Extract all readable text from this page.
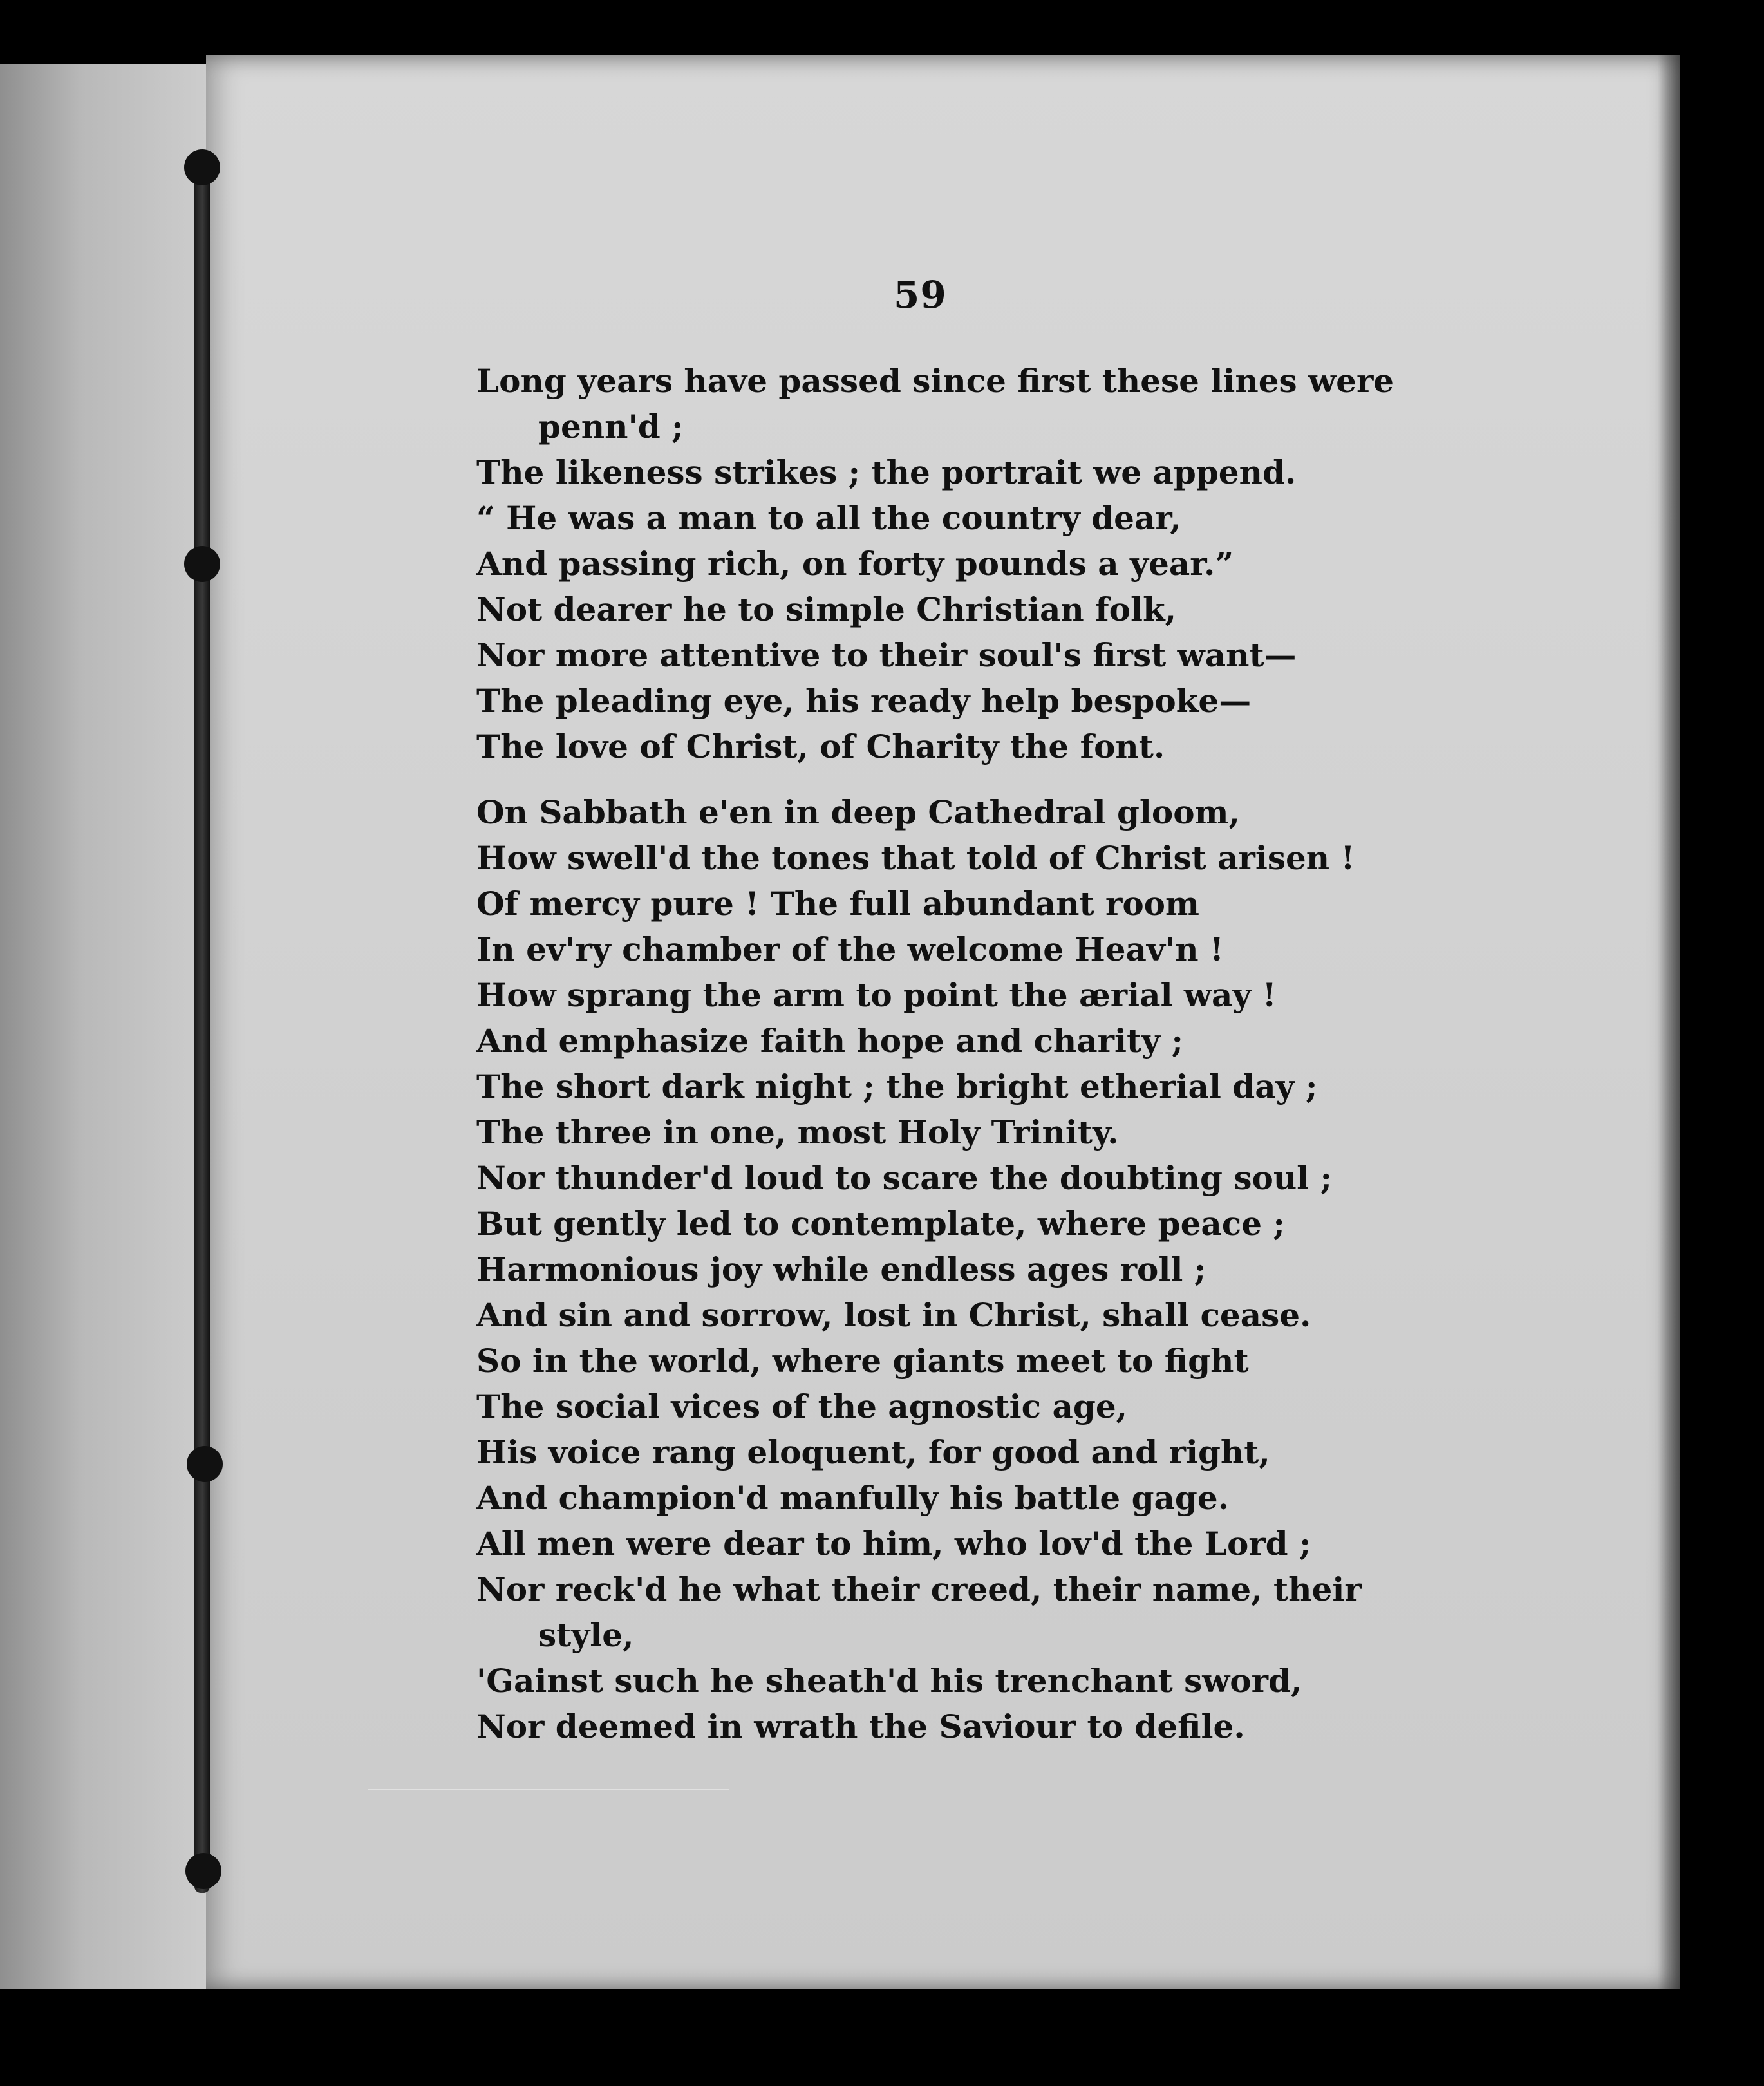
59
Long years have passed since first these lines were
penn'd ;
The likeness strikes ; the portrait we append.
“ He was a man to all the country dear,
And passing rich, on forty pounds a year.”
Not dearer he to simple Christian folk,
Nor more attentive to their soul's first want—
The pleading eye, his ready help bespoke—
The love of Christ, of Charity the font.
On Sabbath e'en in deep Cathedral gloom,
How swell'd the tones that told of Christ arisen !
Of mercy pure ! The full abundant room
In ev'ry chamber of the welcome Heav'n !
How sprang the arm to point the ærial way !
And emphasize faith hope and charity ;
The short dark night ; the bright etherial day ;
The three in one, most Holy Trinity.
Nor thunder'd loud to scare the doubting soul ;
But gently led to contemplate, where peace ;
Harmonious joy while endless ages roll ;
And sin and sorrow, lost in Christ, shall cease.
So in the world, where giants meet to fight
The social vices of the agnostic age,
His voice rang eloquent, for good and right,
And champion'd manfully his battle gage.
All men were dear to him, who lov'd the Lord ;
Nor reck'd he what their creed, their name, their
style,
'Gainst such he sheath'd his trenchant sword,
Nor deemed in wrath the Saviour to defile.
